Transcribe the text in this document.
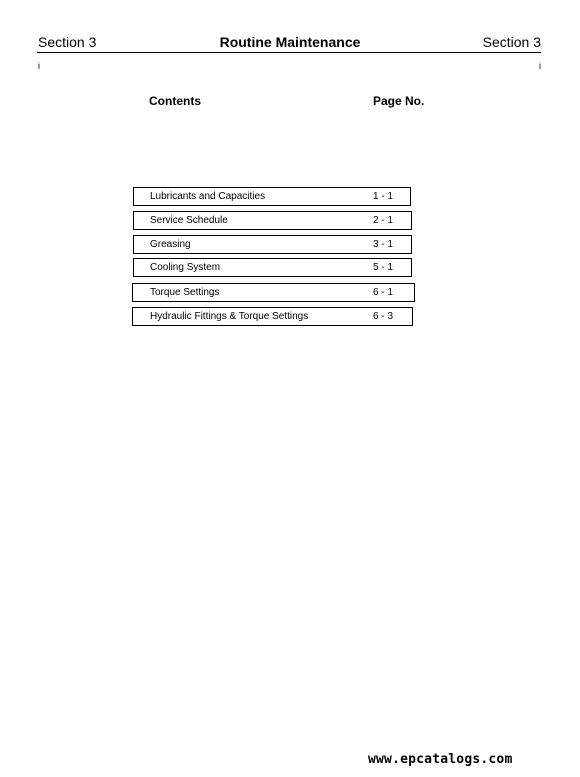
Section 3	Routine Maintenance	Section 3
i	i
Contents	Page No.
Lubricants and Capacities	1 - 1
Service Schedule	2 - 1
Greasing	3 - 1
Cooling System	5 - 1
Torque Settings	6 - 1
Hydraulic Fittings & Torque Settings	6 - 3
www.epcatalogs.com
